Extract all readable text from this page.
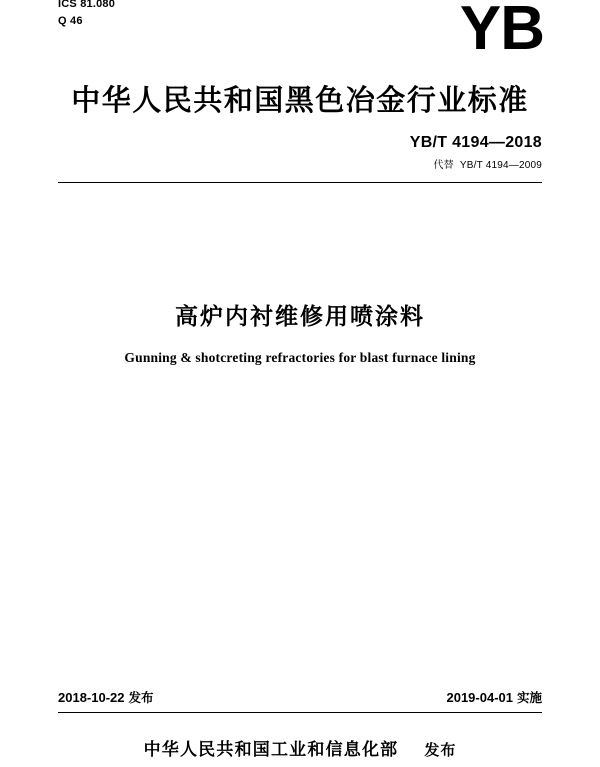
ICS 81.080
Q 46	YB
中华人民共和国黑色冶金行业标准
YB/T 4194—2018
代替 YB/T 4194—2009
高炉内衬维修用喷涂料
Gunning & shotcreting refractories for blast furnace lining
2018-10-22 发布	2019-04-01 实施
中华人民共和国工业和信息化部 发布
